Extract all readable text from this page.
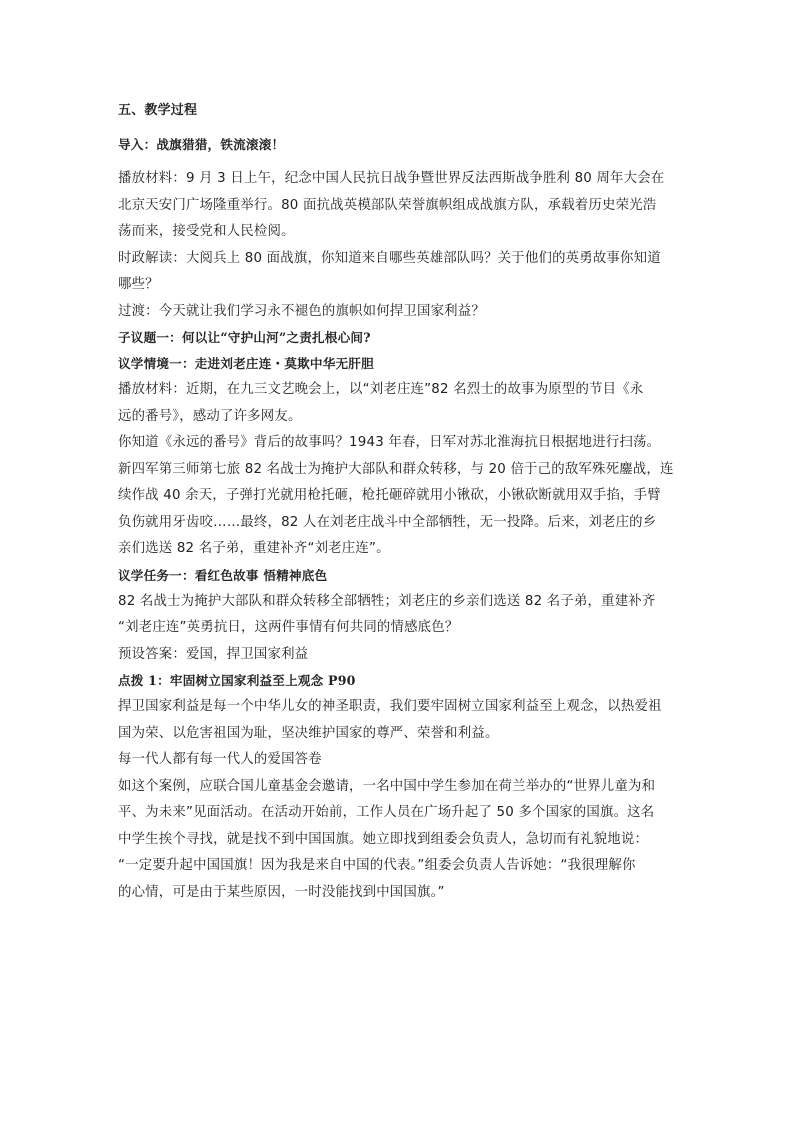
五、教学过程
导入：战旗猎猎，铁流滚滚！
播放材料：9 月 3 日上午，纪念中国人民抗日战争暨世界反法西斯战争胜利 80 周年大会在
北京天安门广场隆重举行。80 面抗战英模部队荣誉旗帜组成战旗方队，承载着历史荣光浩
荡而来，接受党和人民检阅。
时政解读：大阅兵上 80 面战旗，你知道来自哪些英雄部队吗？关于他们的英勇故事你知道
哪些？
过渡：今天就让我们学习永不褪色的旗帜如何捍卫国家利益？
子议题一：何以让“守护山河”之责扎根心间?
议学情境一：走进刘老庄连・莫欺中华无肝胆
播放材料：近期，在九三文艺晚会上，以“刘老庄连”82 名烈士的故事为原型的节目《永
远的番号》，感动了许多网友。
你知道《永远的番号》背后的故事吗？1943 年春，日军对苏北淮海抗日根据地进行扫荡。
新四军第三师第七旅 82 名战士为掩护大部队和群众转移，与 20 倍于己的敌军殊死鏖战，连
续作战 40 余天，子弹打光就用枪托砸，枪托砸碎就用小锹砍，小锹砍断就用双手掐，手臂
负伤就用牙齿咬……最终，82 人在刘老庄战斗中全部牺牲，无一投降。后来，刘老庄的乡
亲们选送 82 名子弟，重建补齐“刘老庄连”。
议学任务一：看红色故事 悟精神底色
82 名战士为掩护大部队和群众转移全部牺牲；刘老庄的乡亲们选送 82 名子弟，重建补齐
“刘老庄连”英勇抗日，这两件事情有何共同的情感底色？
预设答案：爱国，捍卫国家利益
点拨 1：牢固树立国家利益至上观念 P90
捍卫国家利益是每一个中华儿女的神圣职责，我们要牢固树立国家利益至上观念，以热爱祖
国为荣、以危害祖国为耻，坚决维护国家的尊严、荣誉和利益。
每一代人都有每一代人的爱国答卷
如这个案例，应联合国儿童基金会邀请，一名中国中学生参加在荷兰举办的“世界儿童为和
平、为未来”见面活动。在活动开始前，工作人员在广场升起了 50 多个国家的国旗。这名
中学生挨个寻找，就是找不到中国国旗。她立即找到组委会负责人，急切而有礼貌地说：
“一定要升起中国国旗！因为我是来自中国的代表。”组委会负责人告诉她：“我很理解你
的心情，可是由于某些原因，一时没能找到中国国旗。”
